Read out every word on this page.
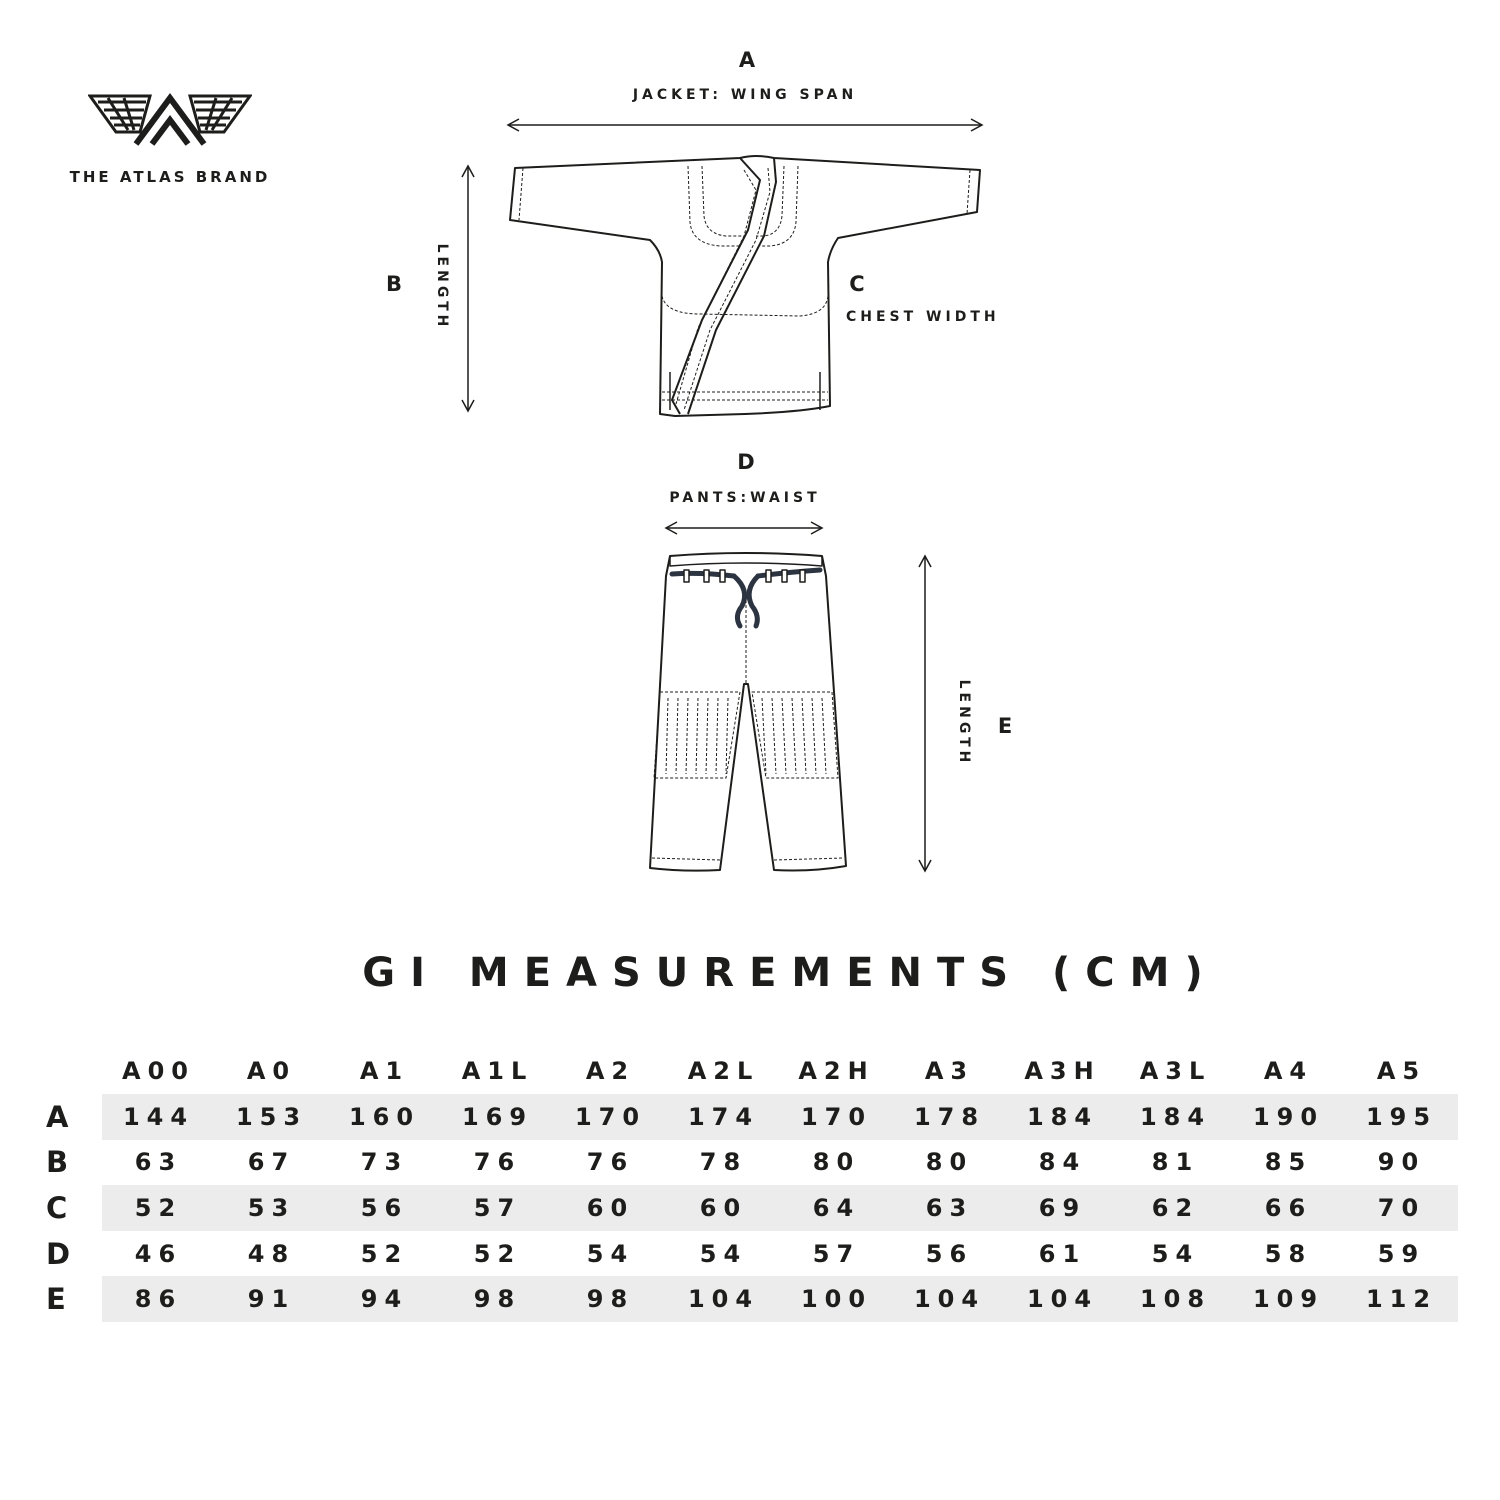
THE ATLAS BRAND
A
JACKET: WING SPAN
B	LENGTH	C
CHEST WIDTH
D
PANTS:WAIST
LENGTH	E
GI MEASUREMENTS (CM)
	A00	A0	A1	A1L	A2	A2L	A2H	A3	A3H	A3L	A4	A5
A	144	153	160	169	170	174	170	178	184	184	190	195
B	63	67	73	76	76	78	80	80	84	81	85	90
C	52	53	56	57	60	60	64	63	69	62	66	70
D	46	48	52	52	54	54	57	56	61	54	58	59
E	86	91	94	98	98	104	100	104	104	108	109	112
